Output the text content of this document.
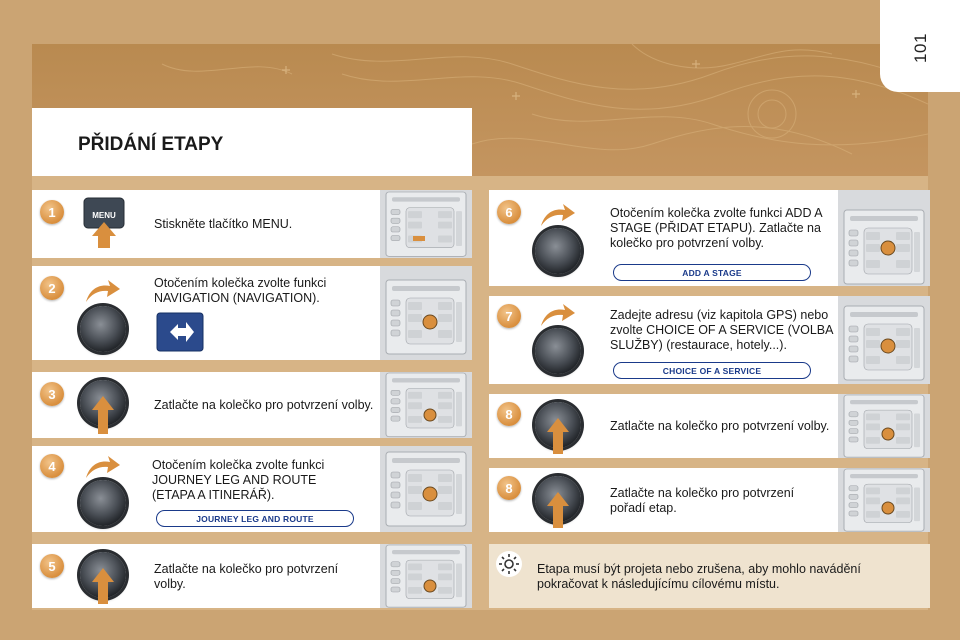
101
PŘIDÁNÍ ETAPY
1	MENU
Stiskněte tlačítko MENU.
2	Otočením kolečka zvolte funkci NAVIGATION (NAVIGATION).
3
Zatlačte na kolečko pro potvrzení volby.
4	Otočením kolečka zvolte funkci JOURNEY LEG AND ROUTE (ETAPA A ITINERÁŘ).
JOURNEY LEG AND ROUTE
5	Zatlačte na kolečko pro potvrzení volby.
6	Otočením kolečka zvolte funkci ADD A STAGE (PŘIDAT ETAPU). Zatlačte na kolečko pro potvrzení volby.
ADD A STAGE
7	Zadejte adresu (viz kapitola GPS) nebo zvolte CHOICE OF A SERVICE (VOLBA SLUŽBY) (restaurace, hotely...).
CHOICE OF A SERVICE
8
Zatlačte na kolečko pro potvrzení volby.
8	Zatlačte na kolečko pro potvrzení pořadí etap.
Etapa musí být projeta nebo zrušena, aby mohlo navádění pokračovat k následujícímu cílovému místu.
